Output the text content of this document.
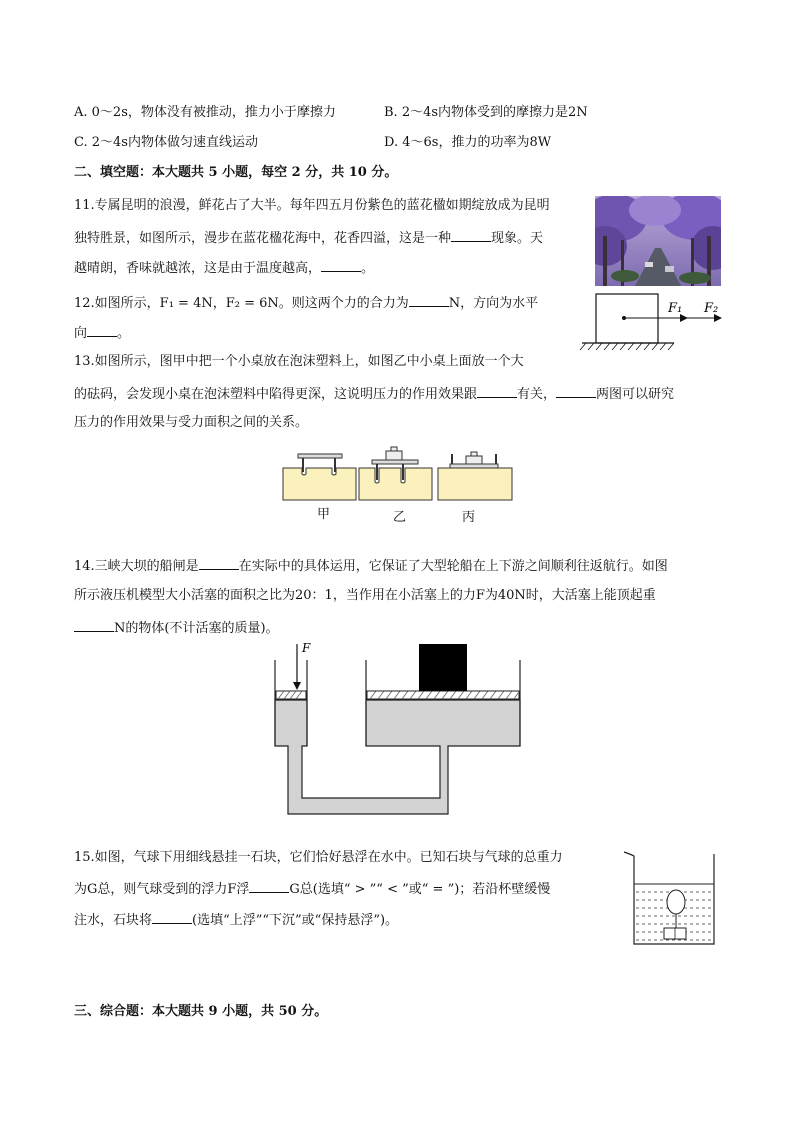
A. 0～2s，物体没有被推动，推力小于摩擦力	B. 2～4s内物体受到的摩擦力是2N
C. 2～4s内物体做匀速直线运动	D. 4～6s，推力的功率为8W
二、填空题：本大题共 5 小题，每空 2 分，共 10 分。
11.专属昆明的浪漫，鲜花占了大半。每年四五月份紫色的蓝花楹如期绽放成为昆明
独特胜景，如图所示，漫步在蓝花楹花海中，花香四溢，这是一种	现象。天
越晴朗，香味就越浓，这是由于温度越高，	。
12.如图所示，F₁ = 4N，F₂ = 6N。则这两个力的合力为	N，方向为水平
向 。
F₁ F₂
13.如图所示，图甲中把一个小桌放在泡沫塑料上，如图乙中小桌上面放一个大
的砝码，会发现小桌在泡沫塑料中陷得更深，这说明压力的作用效果跟	有关，	两图可以研究
压力的作用效果与受力面积之间的关系。
甲	乙	丙
14.三峡大坝的船闸是	在实际中的具体运用，它保证了大型轮船在上下游之间顺利往返航行。如图
所示液压机模型大小活塞的面积之比为20：1，当作用在小活塞上的力F为40N时，大活塞上能顶起重
N的物体(不计活塞的质量)。
F
15.如图，气球下用细线悬挂一石块，它们恰好悬浮在水中。已知石块与气球的总重力
为G总，则气球受到的浮力F浮	G总(选填“ > ”“ < ”或“ = ”)；若沿杯壁缓慢
注水，石块将	(选填“上浮”“下沉”或“保持悬浮”)。
三、综合题：本大题共 9 小题，共 50 分。
